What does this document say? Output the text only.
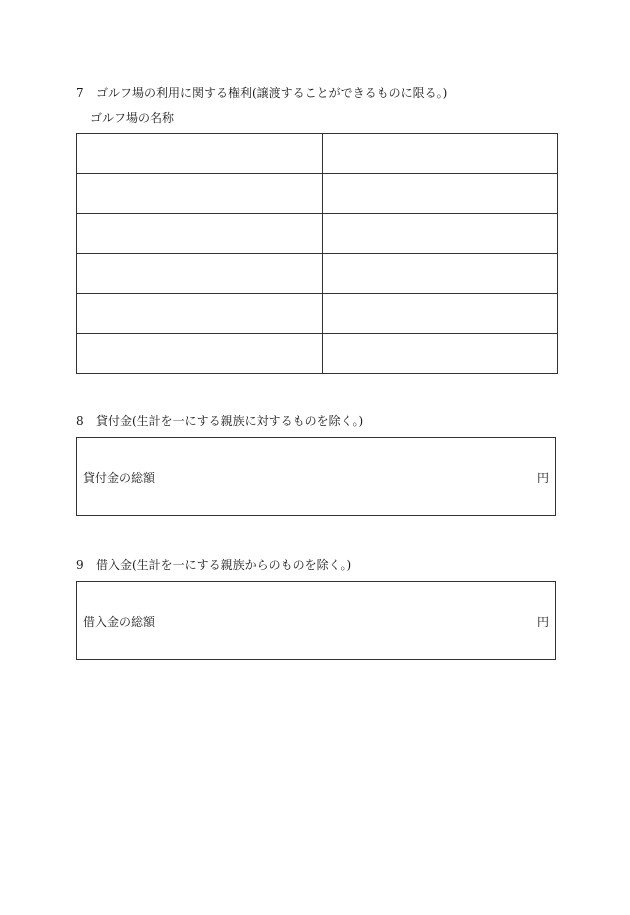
7 ゴルフ場の利用に関する権利(譲渡することができるものに限る。)
ゴルフ場の名称

8 貸付金(生計を一にする親族に対するものを除く。)
貸付金の総額	円
9 借入金(生計を一にする親族からのものを除く。)
借入金の総額	円
